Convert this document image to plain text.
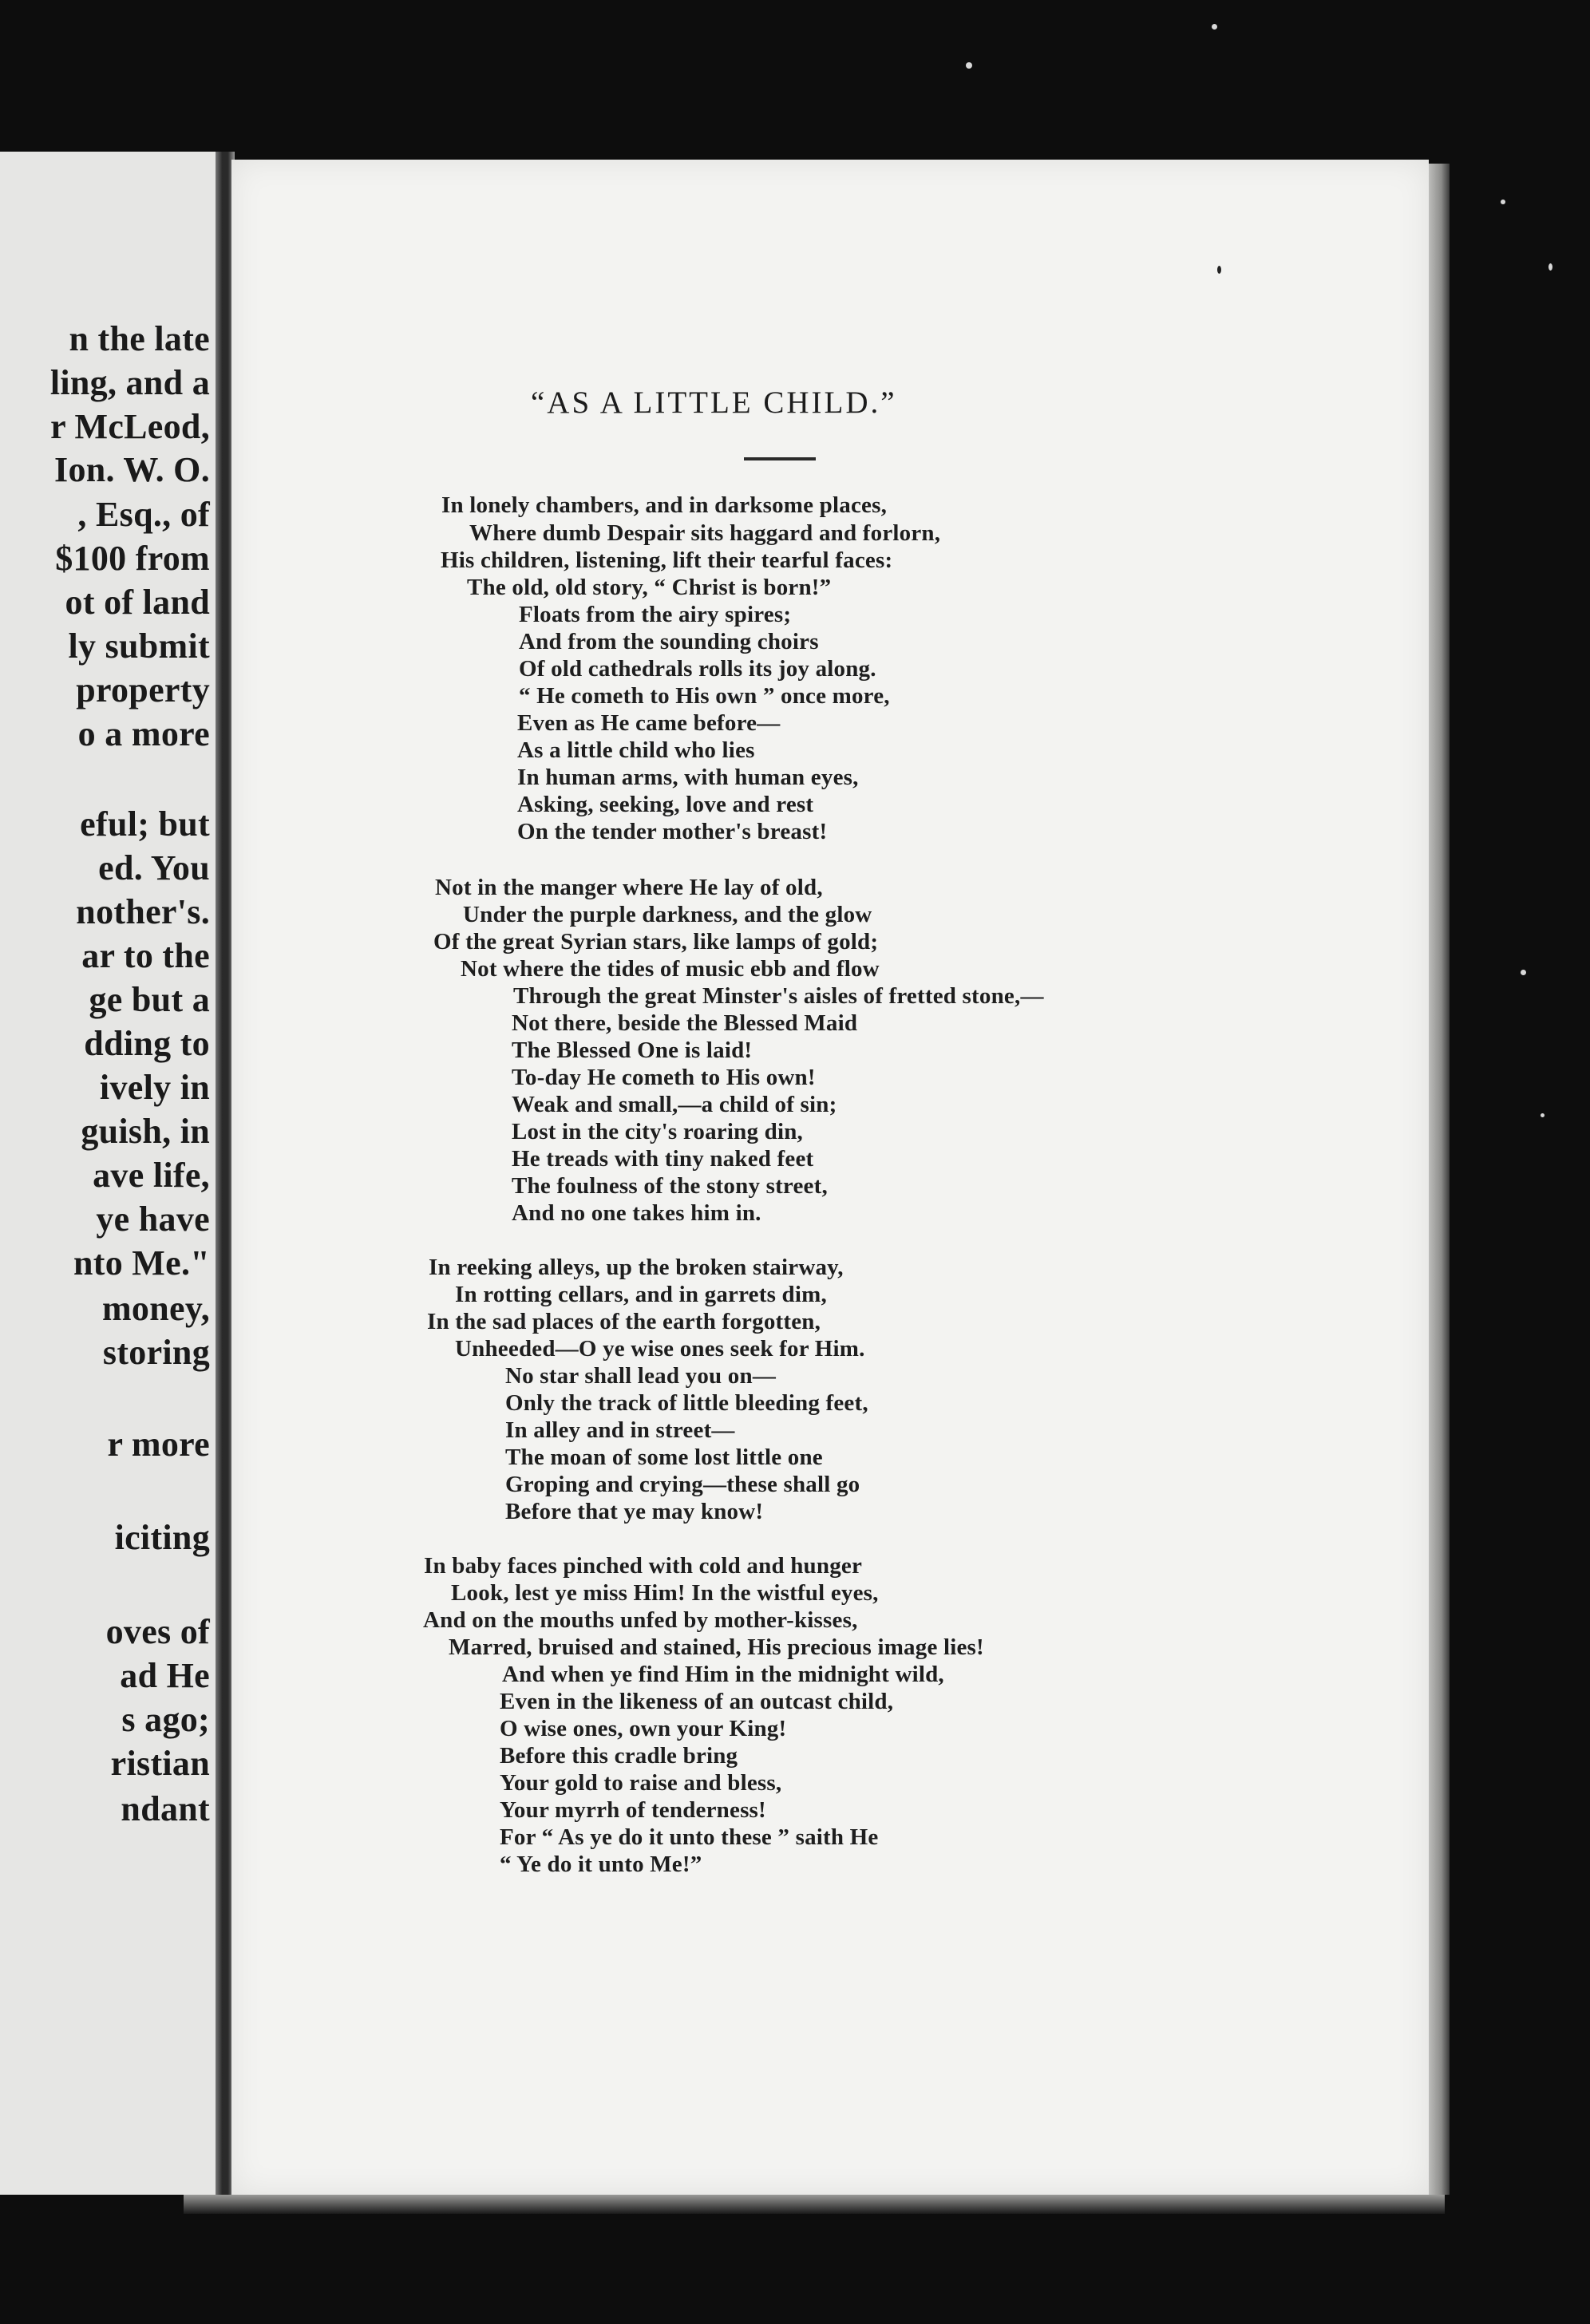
n the late
ling, and a
r McLeod,
Ion. W. O.
, Esq., of
$100 from
ot of land
ly submit
property
o a more
eful; but
ed. You
nother's.
ar to the
ge but a
dding to
ively in
guish, in
ave life,
ye have
nto Me."
money,
storing
r more
iciting
oves of
ad He
s ago;
ristian
ndant
“AS A LITTLE CHILD.”
In lonely chambers, and in darksome places,
Where dumb Despair sits haggard and forlorn,
His children, listening, lift their tearful faces:
The old, old story, “ Christ is born!”
Floats from the airy spires;
And from the sounding choirs
Of old cathedrals rolls its joy along.
“ He cometh to His own ” once more,
Even as He came before—
As a little child who lies
In human arms, with human eyes,
Asking, seeking, love and rest
On the tender mother's breast!
Not in the manger where He lay of old,
Under the purple darkness, and the glow
Of the great Syrian stars, like lamps of gold;
Not where the tides of music ebb and flow
Through the great Minster's aisles of fretted stone,—
Not there, beside the Blessed Maid
The Blessed One is laid!
To-day He cometh to His own!
Weak and small,—a child of sin;
Lost in the city's roaring din,
He treads with tiny naked feet
The foulness of the stony street,
And no one takes him in.
In reeking alleys, up the broken stairway,
In rotting cellars, and in garrets dim,
In the sad places of the earth forgotten,
Unheeded—O ye wise ones seek for Him.
No star shall lead you on—
Only the track of little bleeding feet,
In alley and in street—
The moan of some lost little one
Groping and crying—these shall go
Before that ye may know!
In baby faces pinched with cold and hunger
Look, lest ye miss Him! In the wistful eyes,
And on the mouths unfed by mother-kisses,
Marred, bruised and stained, His precious image lies!
And when ye find Him in the midnight wild,
Even in the likeness of an outcast child,
O wise ones, own your King!
Before this cradle bring
Your gold to raise and bless,
Your myrrh of tenderness!
For “ As ye do it unto these ” saith He
“ Ye do it unto Me!”
